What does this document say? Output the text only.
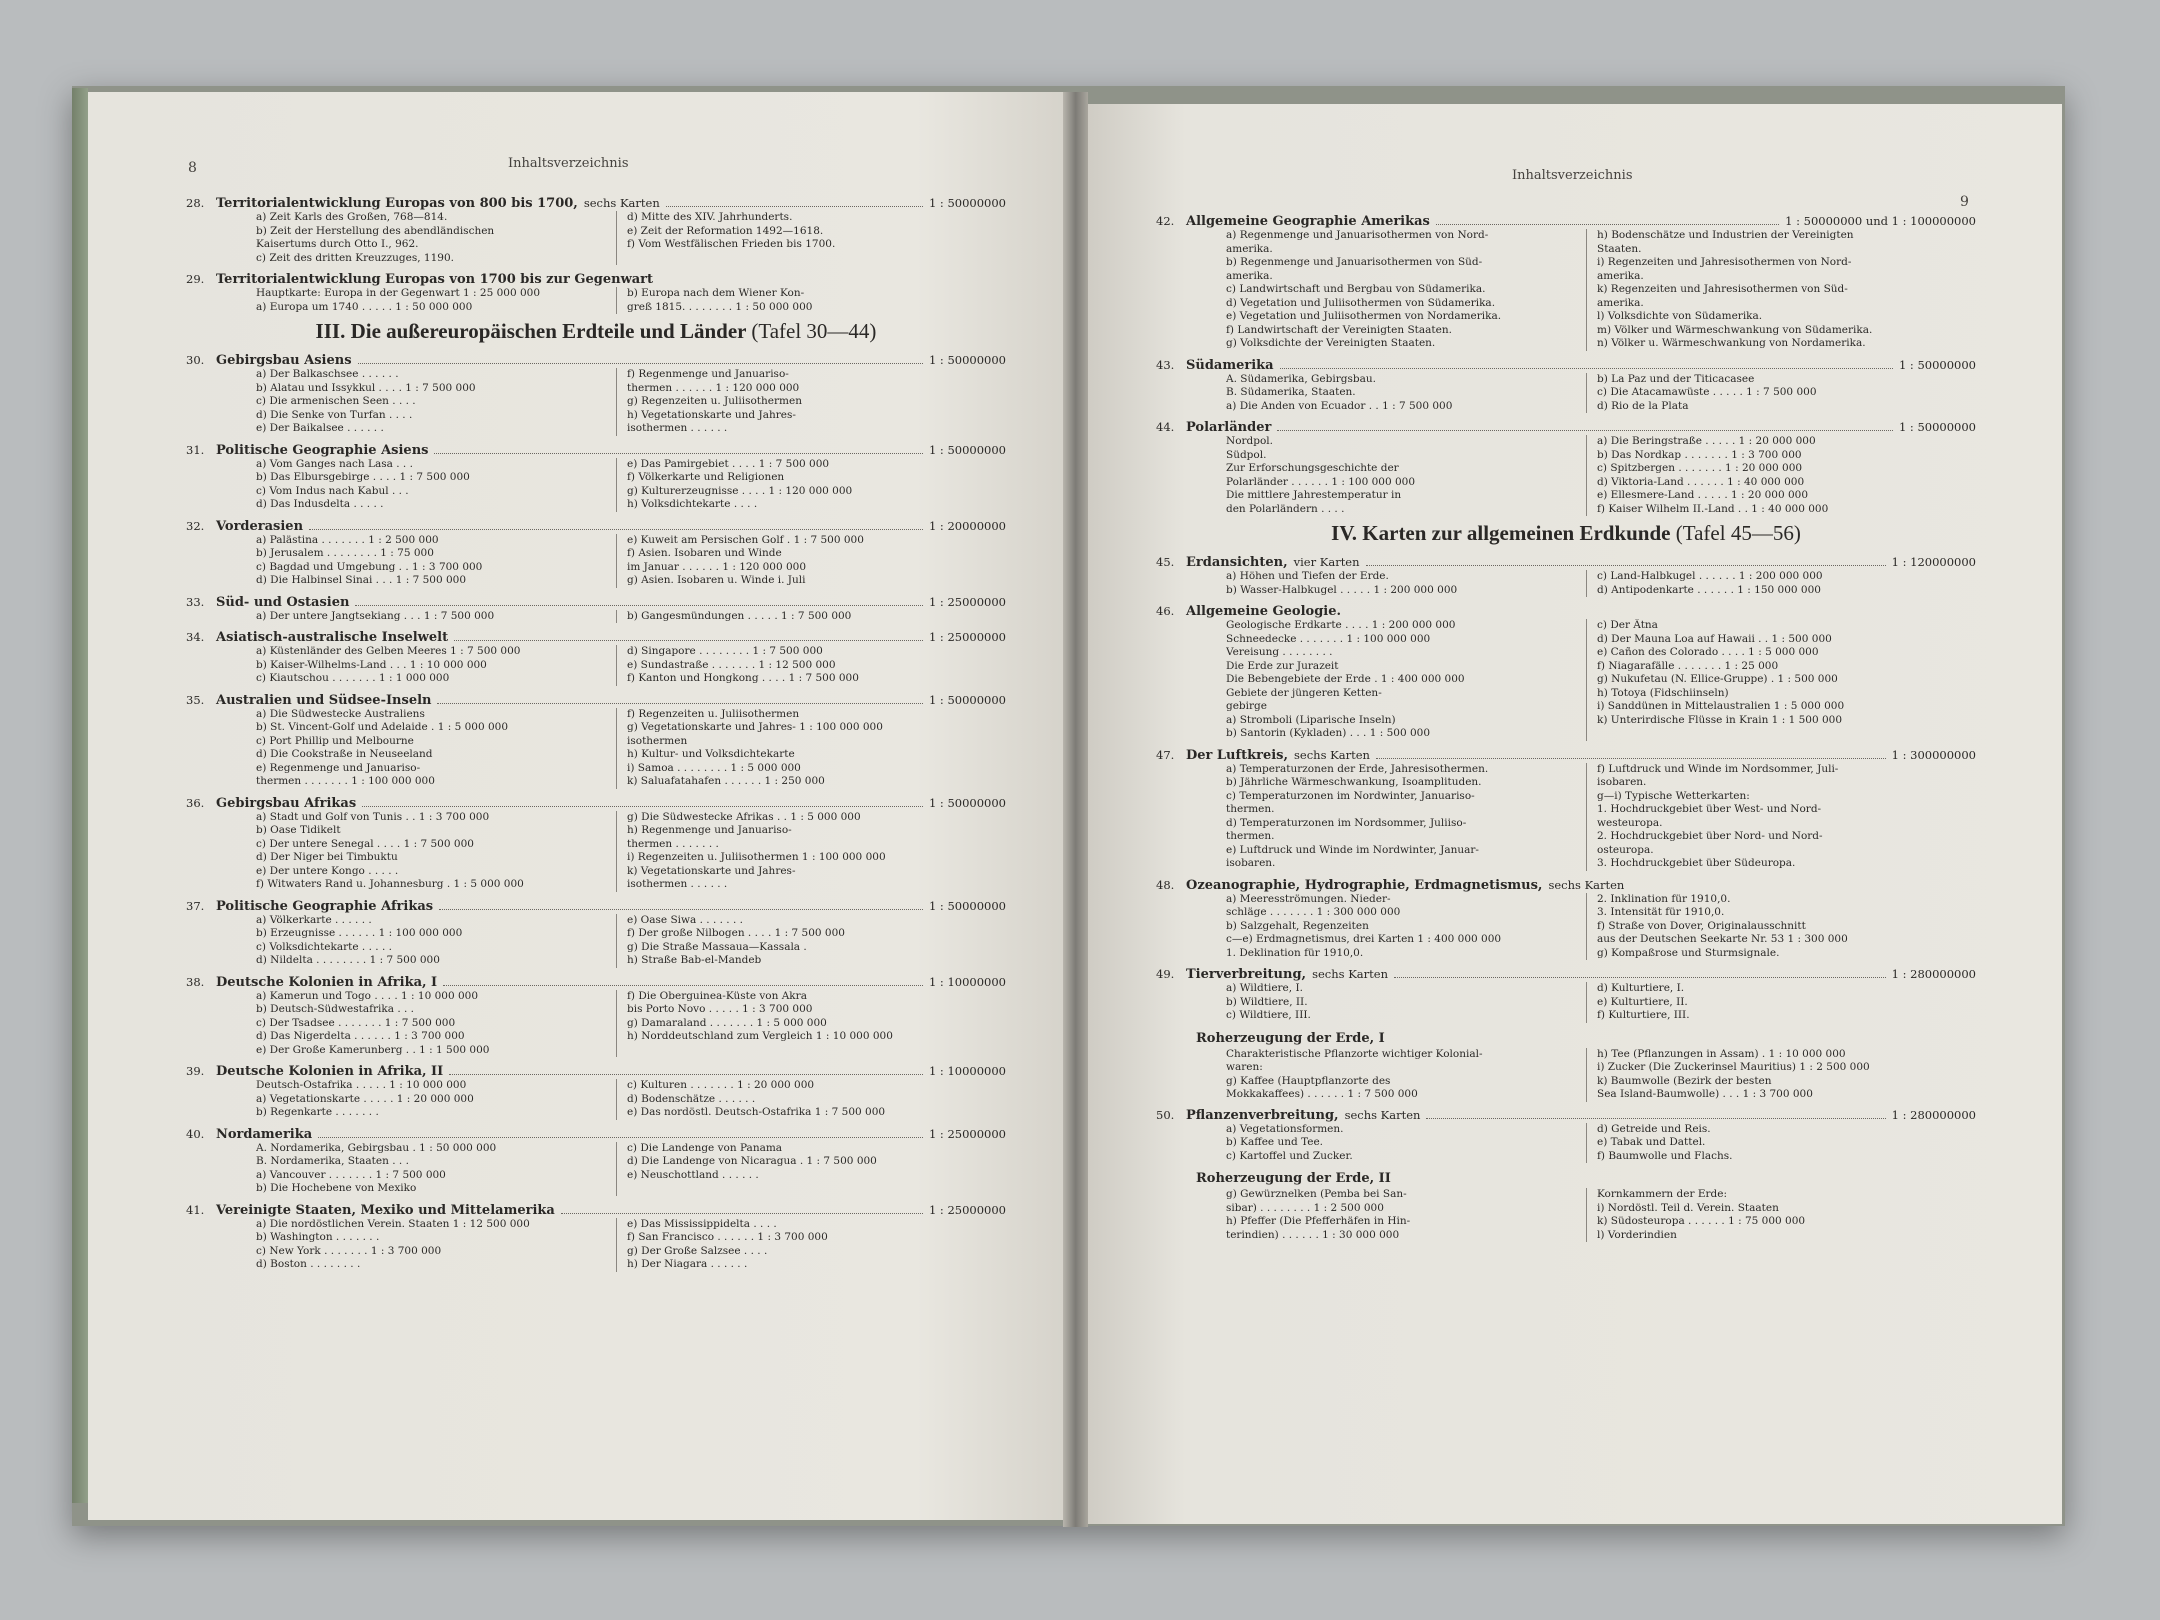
8	Inhaltsverzeichnis
28. Territorialentwicklung Europas von 800 bis 1700, sechs Karten	1 : 50000000
a) Zeit Karls des Großen, 768—814.
b) Zeit der Herstellung des abendländischen
Kaisertums durch Otto I., 962.
c) Zeit des dritten Kreuzzuges, 1190.
d) Mitte des XIV. Jahrhunderts.
e) Zeit der Reformation 1492—1618.
f) Vom Westfälischen Frieden bis 1700.
29. Territorialentwicklung Europas von 1700 bis zur Gegenwart
Hauptkarte: Europa in der Gegenwart 1 : 25 000 000
a) Europa um 1740 . . . . . 1 : 50 000 000
b) Europa nach dem Wiener Kon-
greß 1815. . . . . . . . 1 : 50 000 000
III. Die außereuropäischen Erdteile und Länder (Tafel 30—44)
30. Gebirgsbau Asiens	1 : 50000000
a) Der Balkaschsee . . . . . .
b) Alatau und Issykkul . . . . 1 : 7 500 000
c) Die armenischen Seen . . . .
d) Die Senke von Turfan . . . .
e) Der Baikalsee . . . . . .
f) Regenmenge und Januariso-
thermen . . . . . . 1 : 120 000 000
g) Regenzeiten u. Juliisothermen
h) Vegetationskarte und Jahres-
isothermen . . . . . .
31. Politische Geographie Asiens	1 : 50000000
a) Vom Ganges nach Lasa . . .
b) Das Elbursgebirge . . . . 1 : 7 500 000
c) Vom Indus nach Kabul . . .
d) Das Indusdelta . . . . .
e) Das Pamirgebiet . . . . 1 : 7 500 000
f) Völkerkarte und Religionen
g) Kulturerzeugnisse . . . . 1 : 120 000 000
h) Volksdichtekarte . . . .
32. Vorderasien	1 : 20000000
a) Palästina . . . . . . . 1 : 2 500 000
b) Jerusalem . . . . . . . . 1 : 75 000
c) Bagdad und Umgebung . . 1 : 3 700 000
d) Die Halbinsel Sinai . . . 1 : 7 500 000
e) Kuweit am Persischen Golf . 1 : 7 500 000
f) Asien. Isobaren und Winde
im Januar . . . . . . 1 : 120 000 000
g) Asien. Isobaren u. Winde i. Juli
33. Süd- und Ostasien	1 : 25000000
a) Der untere Jangtsekiang . . . 1 : 7 500 000	b) Gangesmündungen . . . . . 1 : 7 500 000
34. Asiatisch-australische Inselwelt	1 : 25000000
a) Küstenländer des Gelben Meeres 1 : 7 500 000
b) Kaiser-Wilhelms-Land . . . 1 : 10 000 000
c) Kiautschou . . . . . . . 1 : 1 000 000
d) Singapore . . . . . . . . 1 : 7 500 000
e) Sundastraße . . . . . . . 1 : 12 500 000
f) Kanton und Hongkong . . . . 1 : 7 500 000
35. Australien und Südsee-Inseln	1 : 50000000
a) Die Südwestecke Australiens
b) St. Vincent-Golf und Adelaide . 1 : 5 000 000
c) Port Phillip und Melbourne
d) Die Cookstraße in Neuseeland
e) Regenmenge und Januariso-
thermen . . . . . . . 1 : 100 000 000
f) Regenzeiten u. Juliisothermen
g) Vegetationskarte und Jahres- 1 : 100 000 000
isothermen
h) Kultur- und Volksdichtekarte
i) Samoa . . . . . . . . 1 : 5 000 000
k) Saluafatahafen . . . . . . 1 : 250 000
36. Gebirgsbau Afrikas	1 : 50000000
a) Stadt und Golf von Tunis . . 1 : 3 700 000
b) Oase Tidikelt
c) Der untere Senegal . . . . 1 : 7 500 000
d) Der Niger bei Timbuktu
e) Der untere Kongo . . . . .
f) Witwaters Rand u. Johannesburg . 1 : 5 000 000
g) Die Südwestecke Afrikas . . 1 : 5 000 000
h) Regenmenge und Januariso-
thermen . . . . . . .
i) Regenzeiten u. Juliisothermen 1 : 100 000 000
k) Vegetationskarte und Jahres-
isothermen . . . . . .
37. Politische Geographie Afrikas	1 : 50000000
a) Völkerkarte . . . . . .
b) Erzeugnisse . . . . . . 1 : 100 000 000
c) Volksdichtekarte . . . . .
d) Nildelta . . . . . . . . 1 : 7 500 000
e) Oase Siwa . . . . . . .
f) Der große Nilbogen . . . . 1 : 7 500 000
g) Die Straße Massaua—Kassala .
h) Straße Bab-el-Mandeb
38. Deutsche Kolonien in Afrika, I	1 : 10000000
a) Kamerun und Togo . . . . 1 : 10 000 000
b) Deutsch-Südwestafrika . . .
c) Der Tsadsee . . . . . . . 1 : 7 500 000
d) Das Nigerdelta . . . . . . 1 : 3 700 000
e) Der Große Kamerunberg . . 1 : 1 500 000
f) Die Oberguinea-Küste von Akra
bis Porto Novo . . . . . 1 : 3 700 000
g) Damaraland . . . . . . . 1 : 5 000 000
h) Norddeutschland zum Vergleich 1 : 10 000 000
39. Deutsche Kolonien in Afrika, II	1 : 10000000
Deutsch-Ostafrika . . . . . 1 : 10 000 000
a) Vegetationskarte . . . . . 1 : 20 000 000
b) Regenkarte . . . . . . .
c) Kulturen . . . . . . . 1 : 20 000 000
d) Bodenschätze . . . . . .
e) Das nordöstl. Deutsch-Ostafrika 1 : 7 500 000
40. Nordamerika	1 : 25000000
A. Nordamerika, Gebirgsbau . 1 : 50 000 000
B. Nordamerika, Staaten . . .
a) Vancouver . . . . . . . 1 : 7 500 000
b) Die Hochebene von Mexiko
c) Die Landenge von Panama
d) Die Landenge von Nicaragua . 1 : 7 500 000
e) Neuschottland . . . . . .
41. Vereinigte Staaten, Mexiko und Mittelamerika	1 : 25000000
a) Die nordöstlichen Verein. Staaten 1 : 12 500 000
b) Washington . . . . . . .
c) New York . . . . . . . 1 : 3 700 000
d) Boston . . . . . . . .
e) Das Mississippidelta . . . .
f) San Francisco . . . . . . 1 : 3 700 000
g) Der Große Salzsee . . . .
h) Der Niagara . . . . . .
Inhaltsverzeichnis
9
42. Allgemeine Geographie Amerikas	1 : 50000000 und 1 : 100000000
a) Regenmenge und Januarisothermen von Nord-
amerika.
b) Regenmenge und Januarisothermen von Süd-
amerika.
c) Landwirtschaft und Bergbau von Südamerika.
d) Vegetation und Juliisothermen von Südamerika.
e) Vegetation und Juliisothermen von Nordamerika.
f) Landwirtschaft der Vereinigten Staaten.
g) Volksdichte der Vereinigten Staaten.
h) Bodenschätze und Industrien der Vereinigten
Staaten.
i) Regenzeiten und Jahresisothermen von Nord-
amerika.
k) Regenzeiten und Jahresisothermen von Süd-
amerika.
l) Volksdichte von Südamerika.
m) Völker und Wärmeschwankung von Südamerika.
n) Völker u. Wärmeschwankung von Nordamerika.
43. Südamerika	1 : 50000000
A. Südamerika, Gebirgsbau.
B. Südamerika, Staaten.
a) Die Anden von Ecuador . . 1 : 7 500 000
b) La Paz und der Titicacasee
c) Die Atacamawüste . . . . . 1 : 7 500 000
d) Rio de la Plata
44. Polarländer	1 : 50000000
Nordpol.
Südpol.
Zur Erforschungsgeschichte der
Polarländer . . . . . . 1 : 100 000 000
Die mittlere Jahrestemperatur in
den Polarländern . . . .
a) Die Beringstraße . . . . . 1 : 20 000 000
b) Das Nordkap . . . . . . . 1 : 3 700 000
c) Spitzbergen . . . . . . . 1 : 20 000 000
d) Viktoria-Land . . . . . . 1 : 40 000 000
e) Ellesmere-Land . . . . . 1 : 20 000 000
f) Kaiser Wilhelm II.-Land . . 1 : 40 000 000
IV. Karten zur allgemeinen Erdkunde (Tafel 45—56)
45. Erdansichten, vier Karten	1 : 120000000
a) Höhen und Tiefen der Erde.
b) Wasser-Halbkugel . . . . . 1 : 200 000 000
c) Land-Halbkugel . . . . . . 1 : 200 000 000
d) Antipodenkarte . . . . . . 1 : 150 000 000
46. Allgemeine Geologie.
Geologische Erdkarte . . . . 1 : 200 000 000
Schneedecke . . . . . . . 1 : 100 000 000
Vereisung . . . . . . . .
Die Erde zur Jurazeit
Die Bebengebiete der Erde . 1 : 400 000 000
Gebiete der jüngeren Ketten-
gebirge
a) Stromboli (Liparische Inseln)
b) Santorin (Kykladen) . . . 1 : 500 000
c) Der Ätna
d) Der Mauna Loa auf Hawaii . . 1 : 500 000
e) Cañon des Colorado . . . . 1 : 5 000 000
f) Niagarafälle . . . . . . . 1 : 25 000
g) Nukufetau (N. Ellice-Gruppe) . 1 : 500 000
h) Totoya (Fidschiinseln)
i) Sanddünen in Mittelaustralien 1 : 5 000 000
k) Unterirdische Flüsse in Krain 1 : 1 500 000
47. Der Luftkreis, sechs Karten	1 : 300000000
a) Temperaturzonen der Erde, Jahresisothermen.
b) Jährliche Wärmeschwankung, Isoamplituden.
c) Temperaturzonen im Nordwinter, Januariso-
thermen.
d) Temperaturzonen im Nordsommer, Juliiso-
thermen.
e) Luftdruck und Winde im Nordwinter, Januar-
isobaren.
f) Luftdruck und Winde im Nordsommer, Juli-
isobaren.
g—i) Typische Wetterkarten:
1. Hochdruckgebiet über West- und Nord-
westeuropa.
2. Hochdruckgebiet über Nord- und Nord-
osteuropa.
3. Hochdruckgebiet über Südeuropa.
48. Ozeanographie, Hydrographie, Erdmagnetismus, sechs Karten
a) Meeresströmungen. Nieder-
schläge . . . . . . . 1 : 300 000 000
b) Salzgehalt, Regenzeiten
c—e) Erdmagnetismus, drei Karten 1 : 400 000 000
1. Deklination für 1910,0.
2. Inklination für 1910,0.
3. Intensität für 1910,0.
f) Straße von Dover, Originalausschnitt
aus der Deutschen Seekarte Nr. 53 1 : 300 000
g) Kompaßrose und Sturmsignale.
49. Tierverbreitung, sechs Karten	1 : 280000000
a) Wildtiere, I.
b) Wildtiere, II.
c) Wildtiere, III.
d) Kulturtiere, I.
e) Kulturtiere, II.
f) Kulturtiere, III.
Roherzeugung der Erde, I
Charakteristische Pflanzorte wichtiger Kolonial-
waren:
g) Kaffee (Hauptpflanzorte des
Mokkakaffees) . . . . . . 1 : 7 500 000
h) Tee (Pflanzungen in Assam) . 1 : 10 000 000
i) Zucker (Die Zuckerinsel Mauritius) 1 : 2 500 000
k) Baumwolle (Bezirk der besten
Sea Island-Baumwolle) . . . 1 : 3 700 000
50. Pflanzenverbreitung, sechs Karten	1 : 280000000
a) Vegetationsformen.
b) Kaffee und Tee.
c) Kartoffel und Zucker.
d) Getreide und Reis.
e) Tabak und Dattel.
f) Baumwolle und Flachs.
Roherzeugung der Erde, II
g) Gewürznelken (Pemba bei San-
sibar) . . . . . . . . 1 : 2 500 000
h) Pfeffer (Die Pfefferhäfen in Hin-
terindien) . . . . . . 1 : 30 000 000
Kornkammern der Erde:
i) Nordöstl. Teil d. Verein. Staaten
k) Südosteuropa . . . . . . 1 : 75 000 000
l) Vorderindien
